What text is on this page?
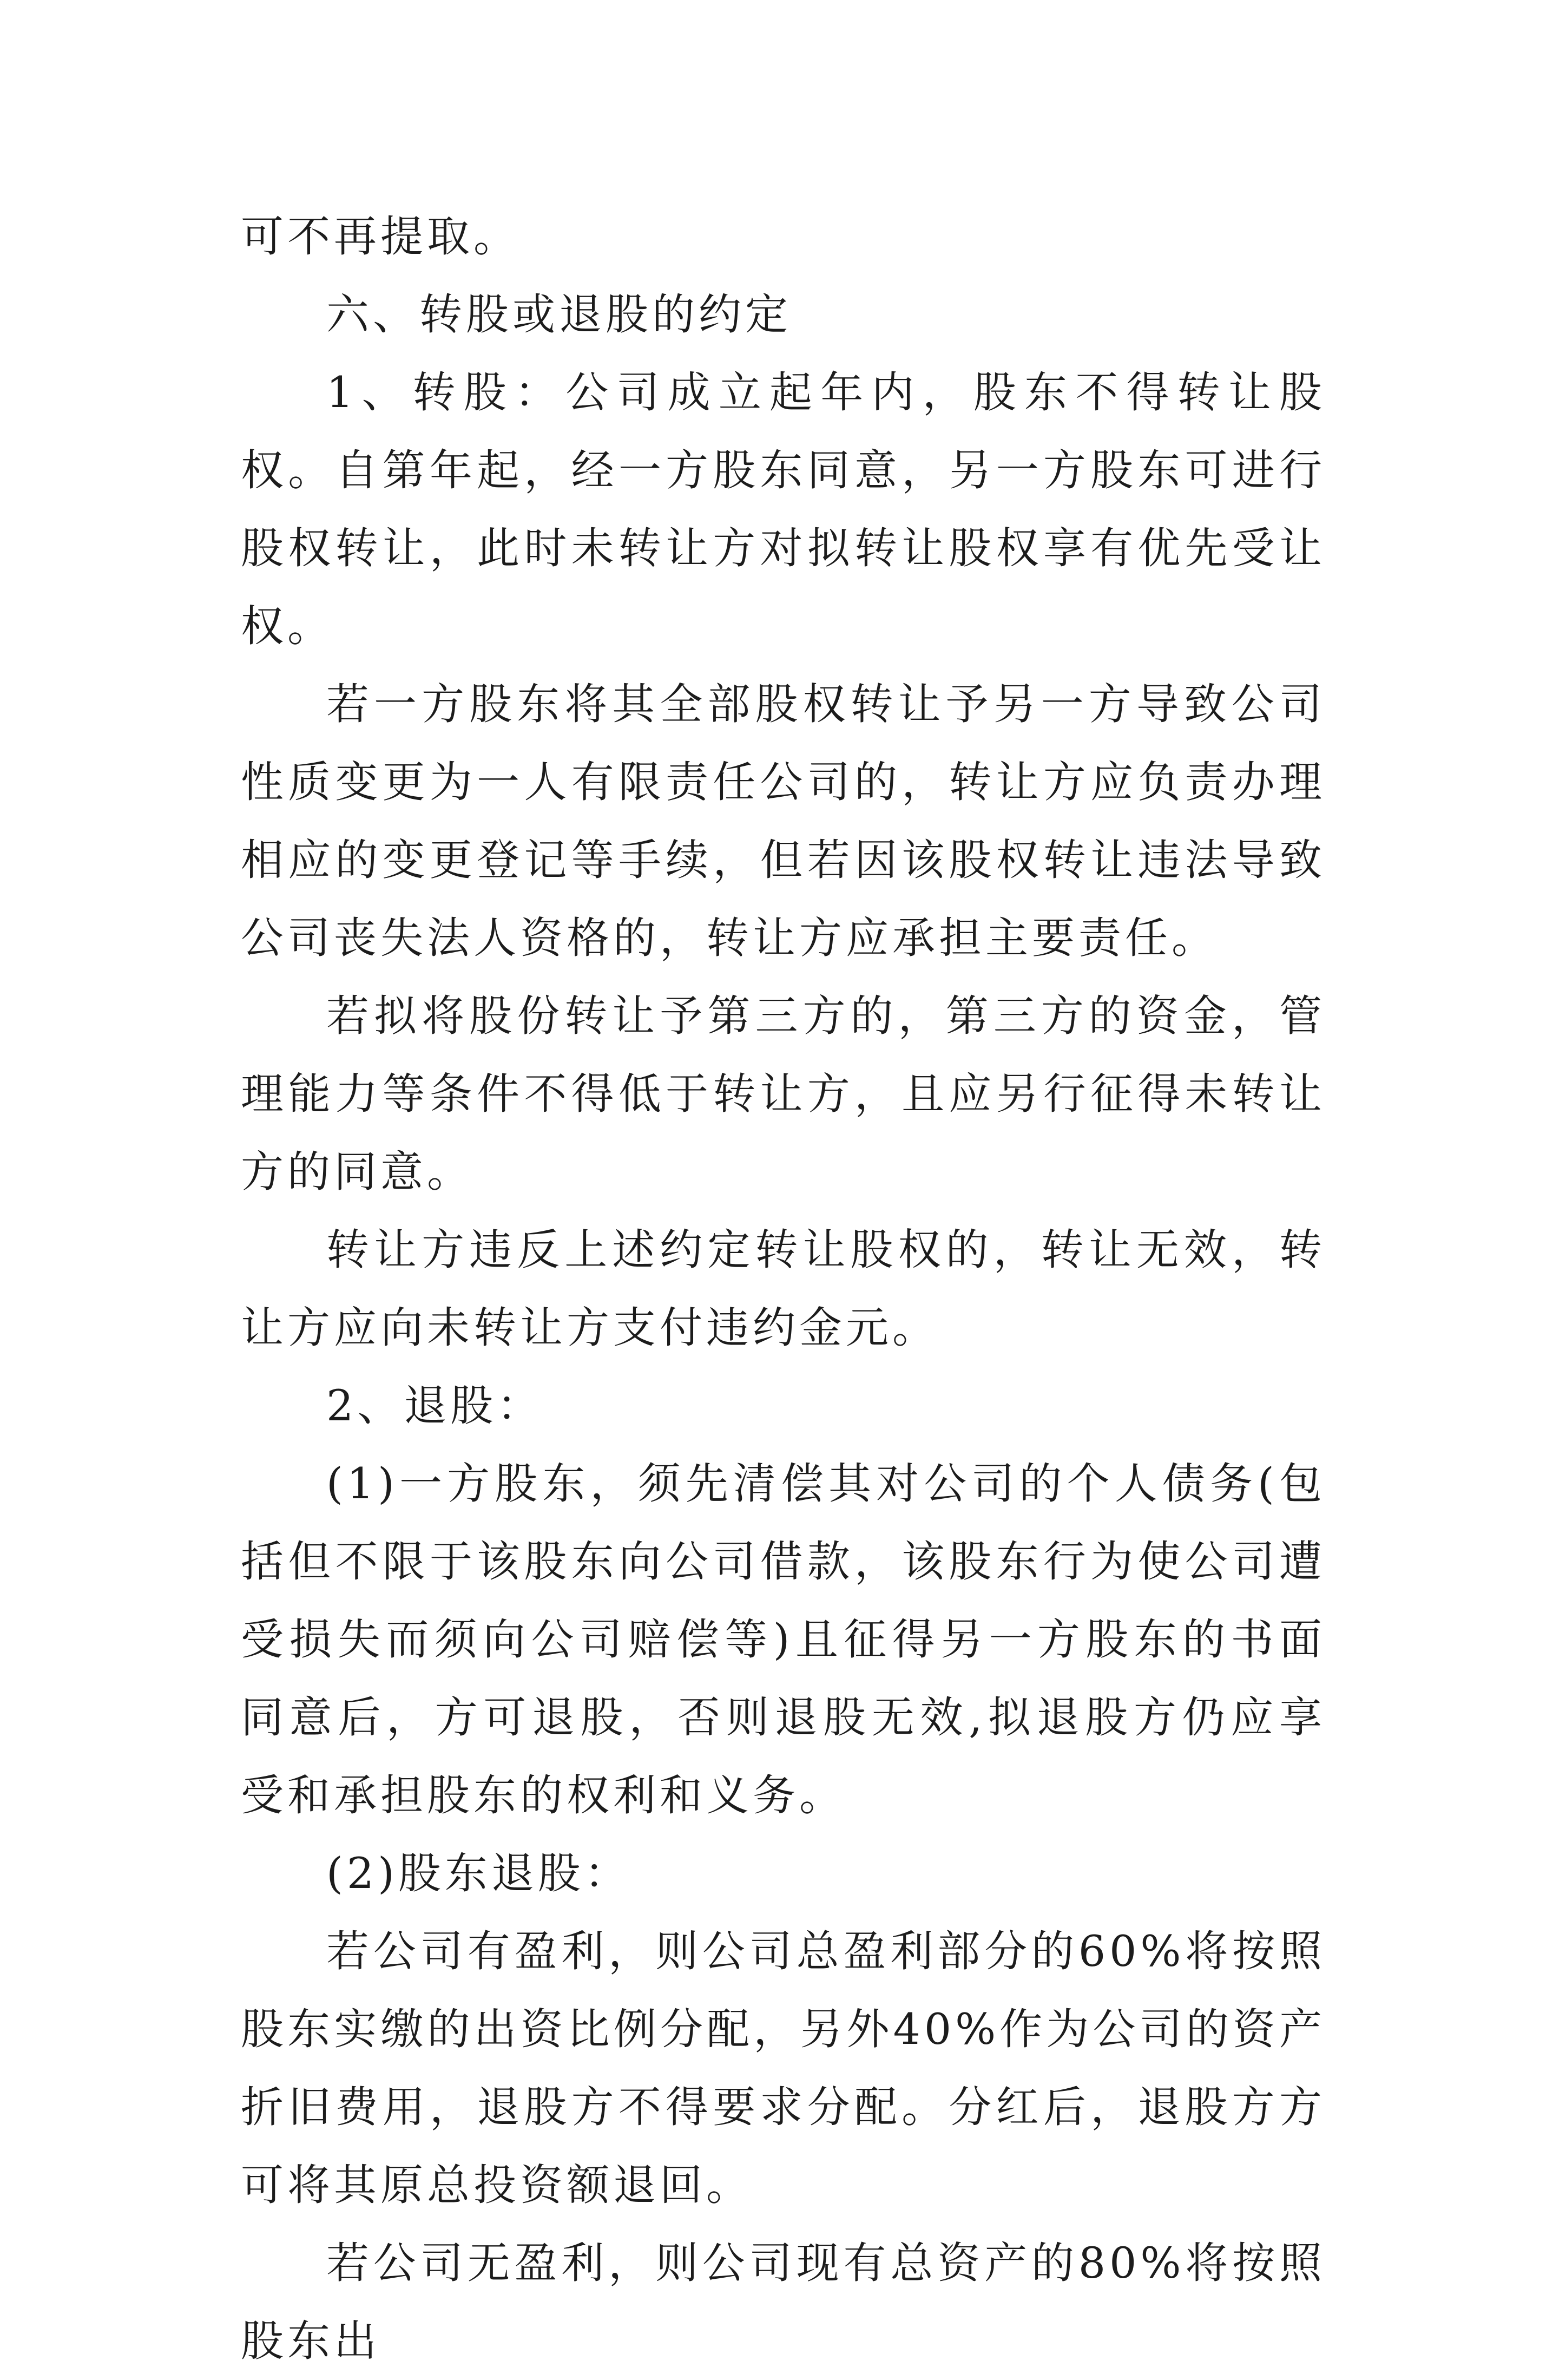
可不再提取。

六、转股或退股的约定

1、转股：公司成立起年内，股东不得转让股权。自第年起，经一方股东同意，另一方股东可进行股权转让，此时未转让方对拟转让股权享有优先受让权。

若一方股东将其全部股权转让予另一方导致公司性质变更为一人有限责任公司的，转让方应负责办理相应的变更登记等手续，但若因该股权转让违法导致公司丧失法人资格的，转让方应承担主要责任。

若拟将股份转让予第三方的，第三方的资金，管理能力等条件不得低于转让方，且应另行征得未转让方的同意。

转让方违反上述约定转让股权的，转让无效，转让方应向未转让方支付违约金元。

2、退股：

(1)一方股东，须先清偿其对公司的个人债务(包括但不限于该股东向公司借款，该股东行为使公司遭受损失而须向公司赔偿等)且征得另一方股东的书面同意后，方可退股，否则退股无效,拟退股方仍应享受和承担股东的权利和义务。

(2)股东退股：

若公司有盈利，则公司总盈利部分的60%将按照股东实缴的出资比例分配，另外40%作为公司的资产折旧费用，退股方不得要求分配。分红后，退股方方可将其原总投资额退回。

若公司无盈利，则公司现有总资产的80%将按照股东出
